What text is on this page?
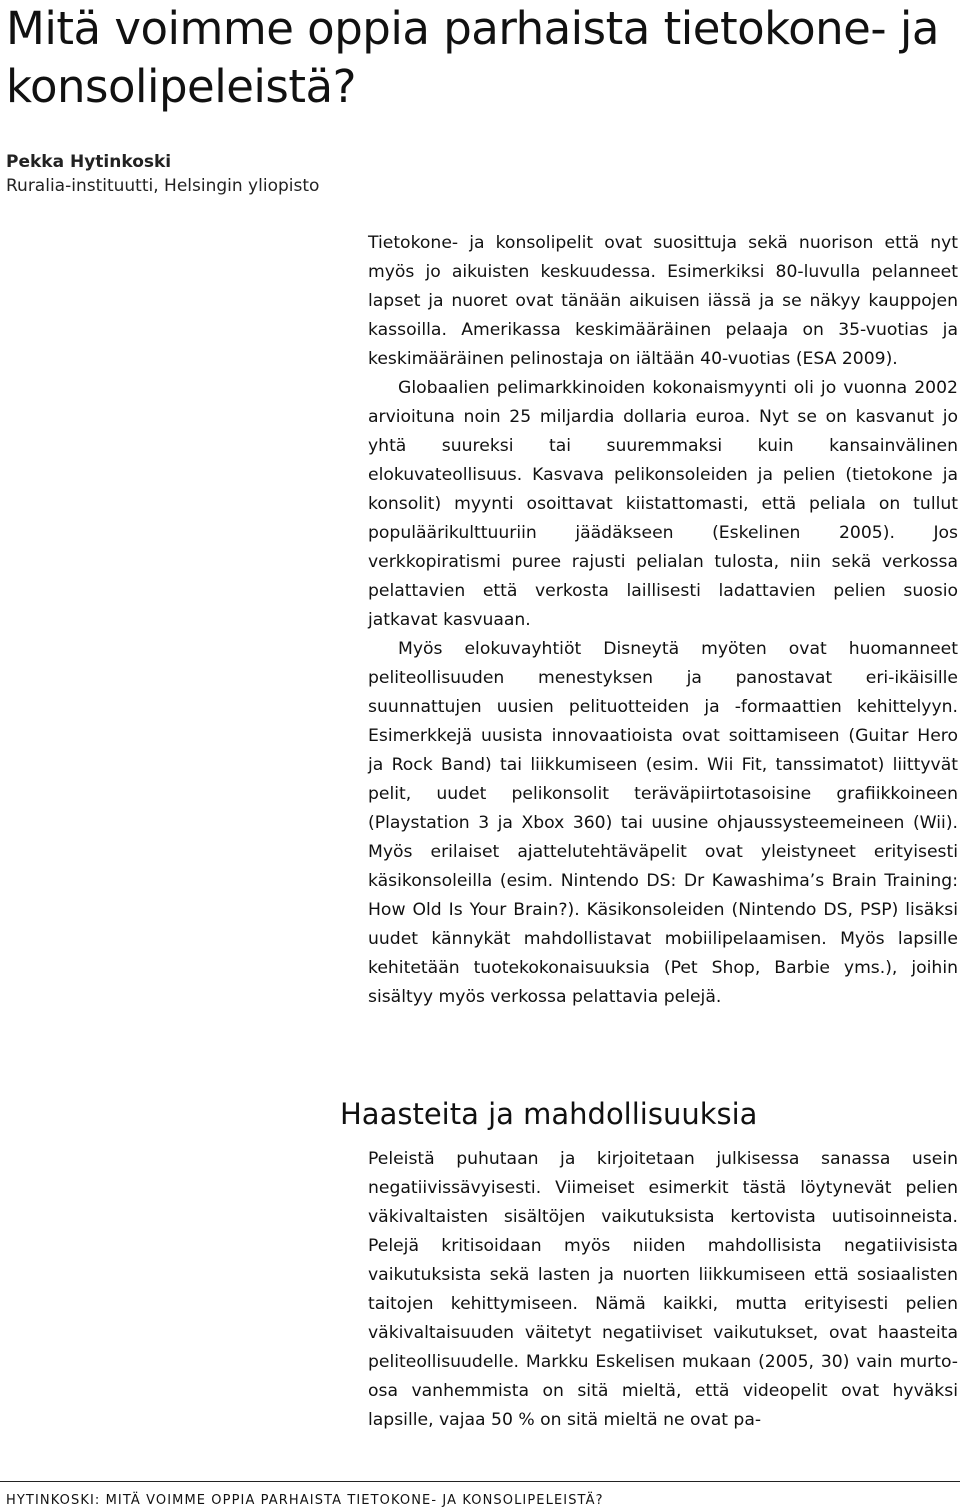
Mitä voimme oppia parhaista tietokone- ja konsolipeleistä?
Pekka Hytinkoski
Ruralia-instituutti, Helsingin yliopisto

Tietokone- ja konsolipelit ovat suosittuja sekä nuorison että nyt myös jo aikuisten keskuudessa. Esimerkiksi 80-luvulla pelanneet lapset ja nuoret ovat tänään aikuisen iässä ja se näkyy kauppojen kassoilla. Amerikassa keskimääräinen pelaaja on 35-vuotias ja keskimääräinen pelinostaja on iältään 40-vuotias (ESA 2009).

Globaalien pelimarkkinoiden kokonaismyynti oli jo vuonna 2002 arvioituna noin 25 miljardia dollaria euroa. Nyt se on kasvanut jo yhtä suureksi tai suuremmaksi kuin kansainvälinen elokuvateollisuus. Kasvava pelikonsoleiden ja pelien (tietokone ja konsolit) myynti osoittavat kiistattomasti, että peliala on tullut populäärikulttuuriin jäädäkseen (Eskelinen 2005). Jos verkkopiratismi puree rajusti pelialan tulosta, niin sekä verkossa pelattavien että verkosta laillisesti ladattavien pelien suosio jatkavat kasvuaan.

Myös elokuvayhtiöt Disneytä myöten ovat huomanneet peliteollisuuden menestyksen ja panostavat eri-ikäisille suunnattujen uusien pelituotteiden ja -formaattien kehittelyyn. Esimerkkejä uusista innovaatioista ovat soittamiseen (Guitar Hero ja Rock Band) tai liikkumiseen (esim. Wii Fit, tanssimatot) liittyvät pelit, uudet pelikonsolit teräväpiirtotasoisine grafiikkoineen (Playstation 3 ja Xbox 360) tai uusine ohjaussysteemeineen (Wii). Myös erilaiset ajattelutehtäväpelit ovat yleistyneet erityisesti käsikonsoleilla (esim. Nintendo DS: Dr Kawashima’s Brain Training: How Old Is Your Brain?). Käsikonsoleiden (Nintendo DS, PSP) lisäksi uudet kännykät mahdollistavat mobiilipelaamisen. Myös lapsille kehitetään tuotekokonaisuuksia (Pet Shop, Barbie yms.), joihin sisältyy myös verkossa pelattavia pelejä.

Haasteita ja mahdollisuuksia

Peleistä puhutaan ja kirjoitetaan julkisessa sanassa usein negatiivissävyisesti. Viimeiset esimerkit tästä löytynevät pelien väkivaltaisten sisältöjen vaikutuksista kertovista uutisoinneista. Pelejä kritisoidaan myös niiden mahdollisista negatiivisista vaikutuksista sekä lasten ja nuorten liikkumiseen että sosiaalisten taitojen kehittymiseen. Nämä kaikki, mutta erityisesti pelien väkivaltaisuuden väitetyt negatiiviset vaikutukset, ovat haasteita peliteollisuudelle. Markku Eskelisen mukaan (2005, 30) vain murto-osa vanhemmista on sitä mieltä, että videopelit ovat hyväksi lapsille, vajaa 50 % on sitä mieltä ne ovat pa-

HYTINKOSKI: MITÄ VOIMME OPPIA PARHAISTA TIETOKONE- JA KONSOLIPELEISTÄ?
